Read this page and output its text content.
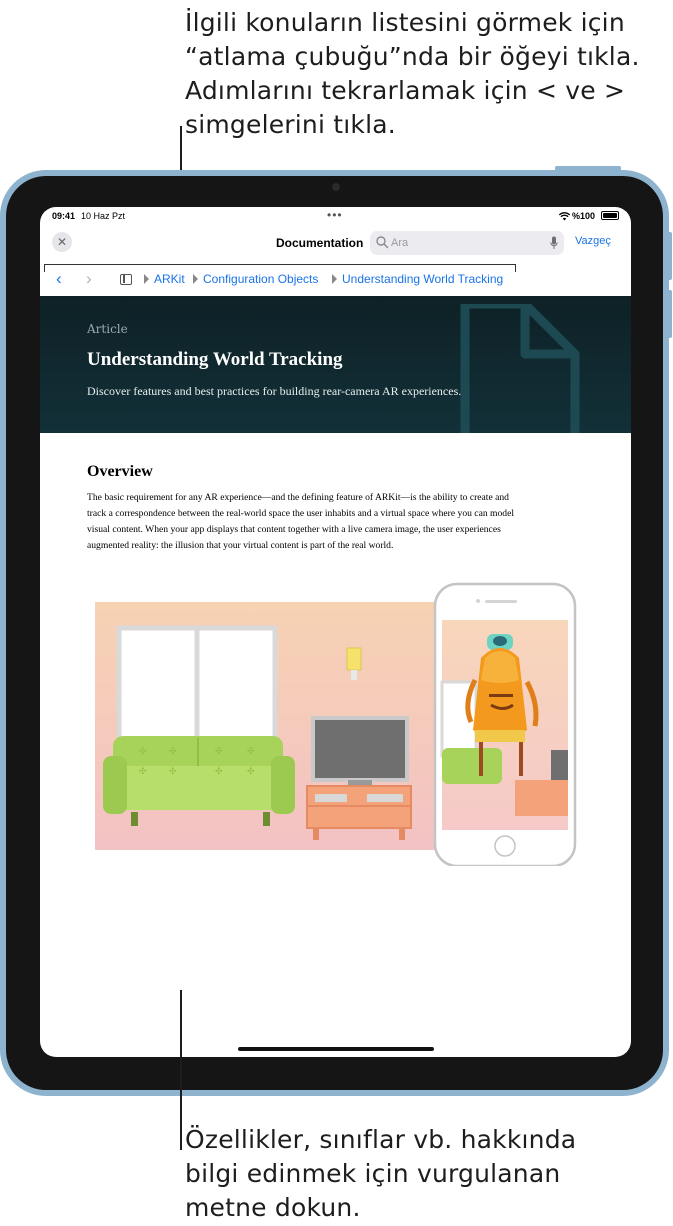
İlgili konuların listesini görmek için
“atlama çubuğu”nda bir öğeyi tıkla.
Adımlarını tekrarlamak için < ve >
simgelerini tıkla.
09:41 10 Haz Pzt	•••	%100
✕	Documentation	Ara	Vazgeç
‹ ›	ARKit Configuration Objects Understanding World Tracking
Article
Understanding World Tracking
Discover features and best practices for building rear-camera AR experiences.
Overview
The basic requirement for any AR experience—and the defining feature of ARKit—is the ability to create and
track a correspondence between the real-world space the user inhabits and a virtual space where you can model
visual content. When your app displays that content together with a live camera image, the user experiences
augmented reality: the illusion that your virtual content is part of the real world.
✣ ✣	✣	✣
✣ ✣	✣	✣
Özellikler, sınıflar vb. hakkında
bilgi edinmek için vurgulanan
metne dokun.
